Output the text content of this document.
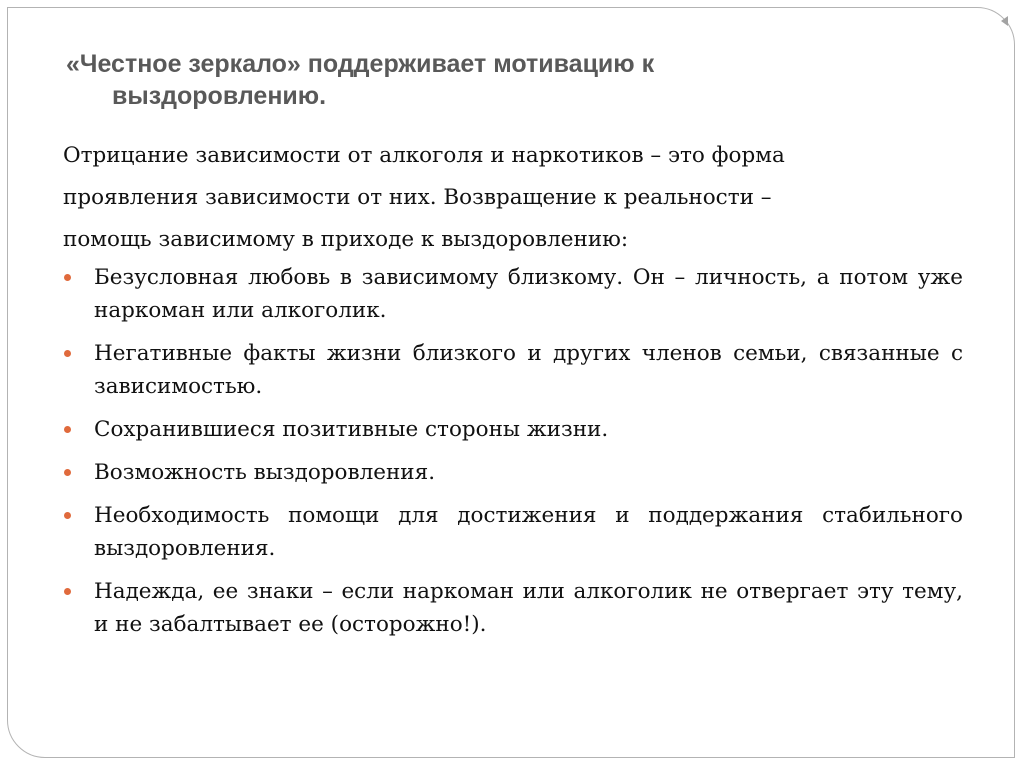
«Честное зеркало» поддерживает мотивацию к
выздоровлению.

Отрицание зависимости от алкоголя и наркотиков – это форма
проявления зависимости от них. Возвращение к реальности –
помощь зависимому в приходе к выздоровлению:

Безусловная любовь в зависимому близкому. Он – личность, а потом уже наркоман или алкоголик.
Негативные факты жизни близкого и других членов семьи, связанные с зависимостью.
Сохранившиеся позитивные стороны жизни.
Возможность выздоровления.
Необходимость помощи для достижения и поддержания стабильного выздоровления.
Надежда, ее знаки – если наркоман или алкоголик не отвергает эту тему, и не забалтывает ее (осторожно!).
